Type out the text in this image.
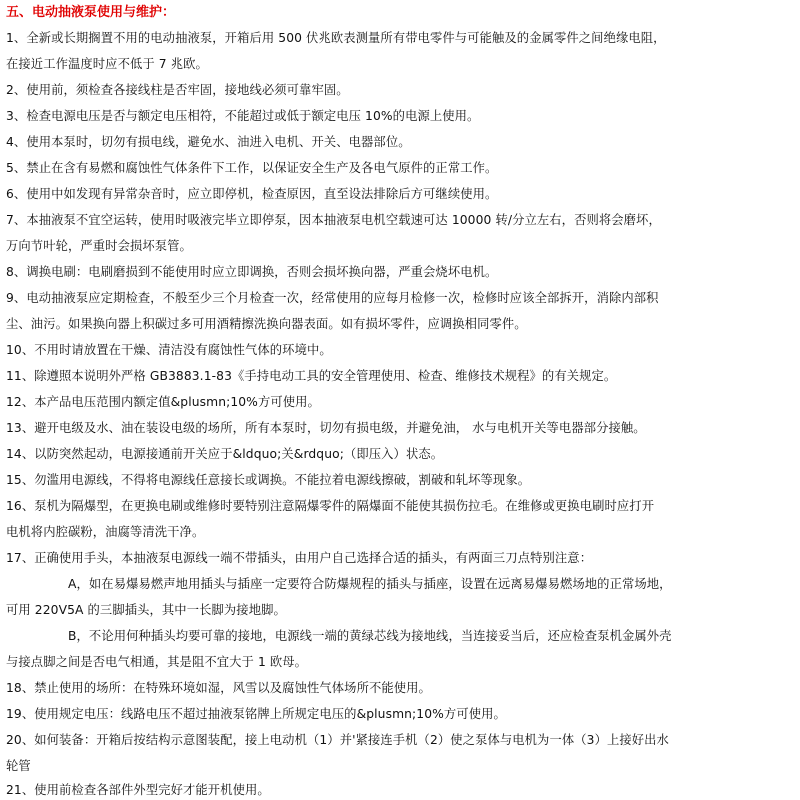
五、电动抽液泵使用与维护：
1、全新或长期搁置不用的电动抽液泵，开箱后用 500 伏兆欧表测量所有带电零件与可能触及的金属零件之间绝缘电阻，
在接近工作温度时应不低于 7 兆欧。
2、使用前，须检查各接线柱是否牢固，接地线必须可靠牢固。
3、检查电源电压是否与额定电压相符，不能超过或低于额定电压 10%的电源上使用。
4、使用本泵时，切勿有损电线，避免水、油进入电机、开关、电器部位。
5、禁止在含有易燃和腐蚀性气体条件下工作，以保证安全生产及各电气原件的正常工作。
6、使用中如发现有异常杂音时，应立即停机，检查原因，直至设法排除后方可继续使用。
7、本抽液泵不宜空运转，使用时吸液完毕立即停泵，因本抽液泵电机空载速可达 10000 转/分立左右，否则将会磨坏，
万向节叶轮，严重时会损坏泵管。
8、调换电刷：电刷磨损到不能使用时应立即调换，否则会损坏换向器，严重会烧坏电机。
9、电动抽液泵应定期检查，不般至少三个月检查一次，经常使用的应每月检修一次，检修时应该全部拆开，消除内部积
尘、油污。如果换向器上积碳过多可用酒精擦洗换向器表面。如有损坏零件，应调换相同零件。
10、不用时请放置在干燥、清洁没有腐蚀性气体的环境中。
11、除遵照本说明外严格 GB3883.1-83《手持电动工具的安全管理使用、检查、维修技术规程》的有关规定。
12、本产品电压范围内额定值&plusmn;10%方可使用。
13、避开电级及水、油在装设电级的场所，所有本泵时，切勿有损电级，并避免油， 水与电机开关等电器部分接触。
14、以防突然起动，电源接通前开关应于&ldquo;关&rdquo;（即压入）状态。
15、勿滥用电源线，不得将电源线任意接长或调换。不能拉着电源线擦破，割破和轧坏等现象。
16、泵机为隔爆型，在更换电刷或维修时要特别注意隔爆零件的隔爆面不能使其损伤拉毛。在维修或更换电刷时应打开
电机将内腔碳粉，油腐等清洗干净。
17、正确使用手头，本抽液泵电源线一端不带插头，由用户自己选择合适的插头，有两面三刀点特别注意：
A，如在易爆易燃声地用插头与插座一定要符合防爆规程的插头与插座，设置在远离易爆易燃场地的正常场地，
可用 220V5A 的三脚插头，其中一长脚为接地脚。
B，不论用何种插头均要可靠的接地，电源线一端的黄绿芯线为接地线，当连接妥当后，还应检查泵机金属外壳
与接点脚之间是否电气相通，其是阻不宜大于 1 欧母。
18、禁止使用的场所：在特殊环境如湿，风雪以及腐蚀性气体场所不能使用。
19、使用规定电压：线路电压不超过抽液泵铭牌上所规定电压的&plusmn;10%方可使用。
20、如何装备：开箱后按结构示意图装配，接上电动机（1）并'紧接连手机（2）使之泵体与电机为一体（3）上接好出水
轮管
21、使用前检查各部件外型完好才能开机使用。
